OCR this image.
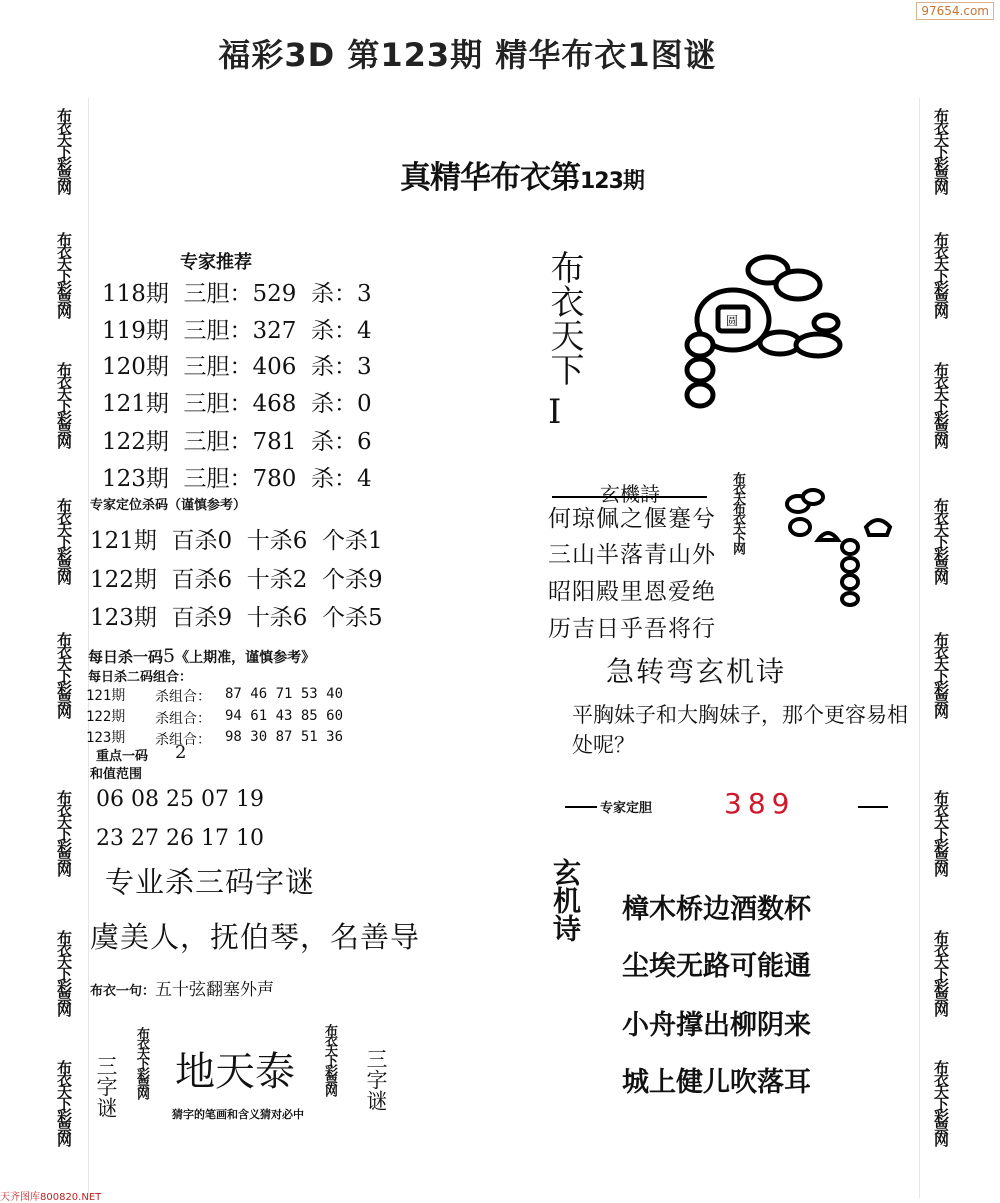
福彩3D 第123期 精华布衣1图谜
97654.com
布衣天下彩票网
布衣天下彩票网
布衣天下彩票网
布衣天下彩票网
布衣天下彩票网
布衣天下彩票网
布衣天下彩票网
布衣天下彩票网
布衣天下彩票网
布衣天下彩票网
布衣天下彩票网
布衣天下彩票网
布衣天下彩票网
布衣天下彩票网
布衣天下彩票网
布衣天下彩票网
真精华布衣第123期
专家推荐
118期  三胆：529  杀：3
119期  三胆：327  杀：4
120期  三胆：406  杀：3
121期  三胆：468  杀：0
122期  三胆：781  杀：6
123期  三胆：780  杀：4
专家定位杀码（谨慎参考）
121期  百杀0  十杀6  个杀1
122期  百杀6  十杀2  个杀9
123期  百杀9  十杀6  个杀5
每日杀一码5《上期准，谨慎参考》
每日杀二码组合：
121期 杀组合： 87 46 71 53 40
122期 杀组合： 94 61 43 85 60
123期 杀组合： 98 30 87 51 36
重点一码 2
和值范围
06 08 25 07 19
23 27 26 17 10
专业杀三码字谜
虞美人，抚伯琴，名善导
布衣一句：五十弦翻塞外声
三字谜 布衣天下彩票网 地天泰
猜字的笔画和含义猜对必中
布衣天下彩票网 三字谜
布衣天下
I
圆
玄機詩
何琼佩之偃蹇兮
三山半落青山外
昭阳殿里恩爱绝
历吉日乎吾将行
布衣天布衣天下网
急转弯玄机诗
平胸妹子和大胸妹子，那个更容易相处呢？
专家定胆	389
玄机诗 樟木桥边酒数杯
尘埃无路可能通
小舟撑出柳阴来
城上健儿吹落耳
天齐图库800820.NET
